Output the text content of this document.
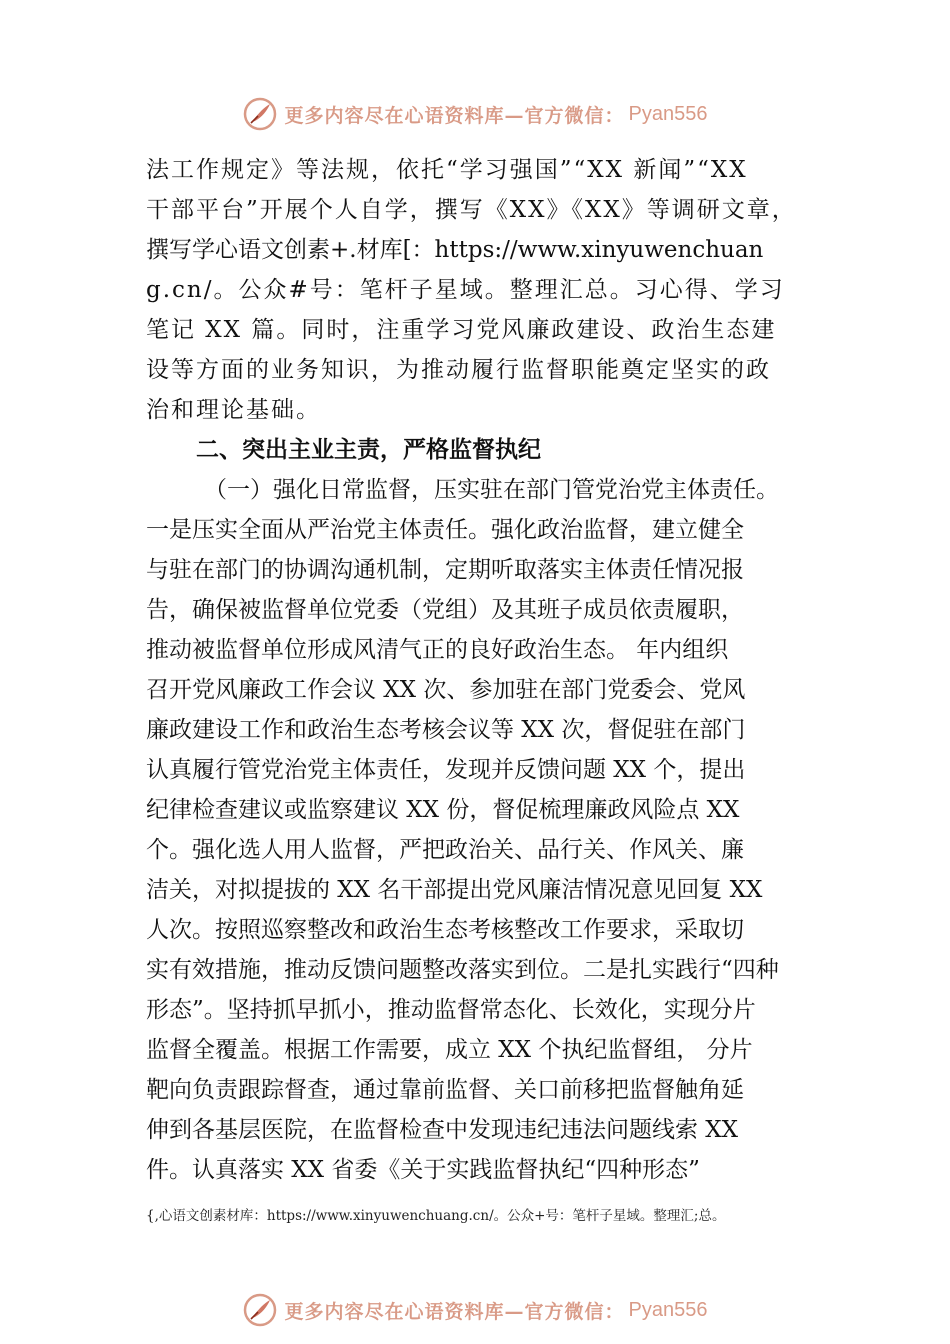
更多内容尽在心语资料库—官方微信： Pyan556
法工作规定》等法规，依托“学习强国”“XX 新闻”“XX
干部平台”开展个人自学，撰写《XX》《XX》等调研文章，
撰写学心语文创素+.材库[：https://www.xinyuwenchuan
g.cn/。公众#号：笔杆子星域。整理汇总。习心得、学习
笔记 XX 篇。同时，注重学习党风廉政建设、政治生态建
设等方面的业务知识，为推动履行监督职能奠定坚实的政
治和理论基础。
二、突出主业主责，严格监督执纪
（一）强化日常监督，压实驻在部门管党治党主体责任。
一是压实全面从严治党主体责任。强化政治监督，建立健全
与驻在部门的协调沟通机制，定期听取落实主体责任情况报
告，确保被监督单位党委（党组）及其班子成员依责履职，
推动被监督单位形成风清气正的良好政治生态。 年内组织
召开党风廉政工作会议 XX 次、参加驻在部门党委会、党风
廉政建设工作和政治生态考核会议等 XX 次，督促驻在部门
认真履行管党治党主体责任，发现并反馈问题 XX 个，提出
纪律检查建议或监察建议 XX 份，督促梳理廉政风险点 XX
个。强化选人用人监督，严把政治关、品行关、作风关、廉
洁关，对拟提拔的 XX 名干部提出党风廉洁情况意见回复 XX
人次。按照巡察整改和政治生态考核整改工作要求，采取切
实有效措施，推动反馈问题整改落实到位。二是扎实践行“四种
形态”。坚持抓早抓小，推动监督常态化、长效化，实现分片
监督全覆盖。根据工作需要，成立 XX 个执纪监督组， 分片
靶向负责跟踪督查，通过靠前监督、关口前移把监督触角延
伸到各基层医院，在监督检查中发现违纪违法问题线索 XX
件。认真落实 XX 省委《关于实践监督执纪“四种形态”
{,心语文创素材库：https://www.xinyuwenchuang.cn/。公众+号：笔杆子星域。整理汇;总。
更多内容尽在心语资料库—官方微信： Pyan556
